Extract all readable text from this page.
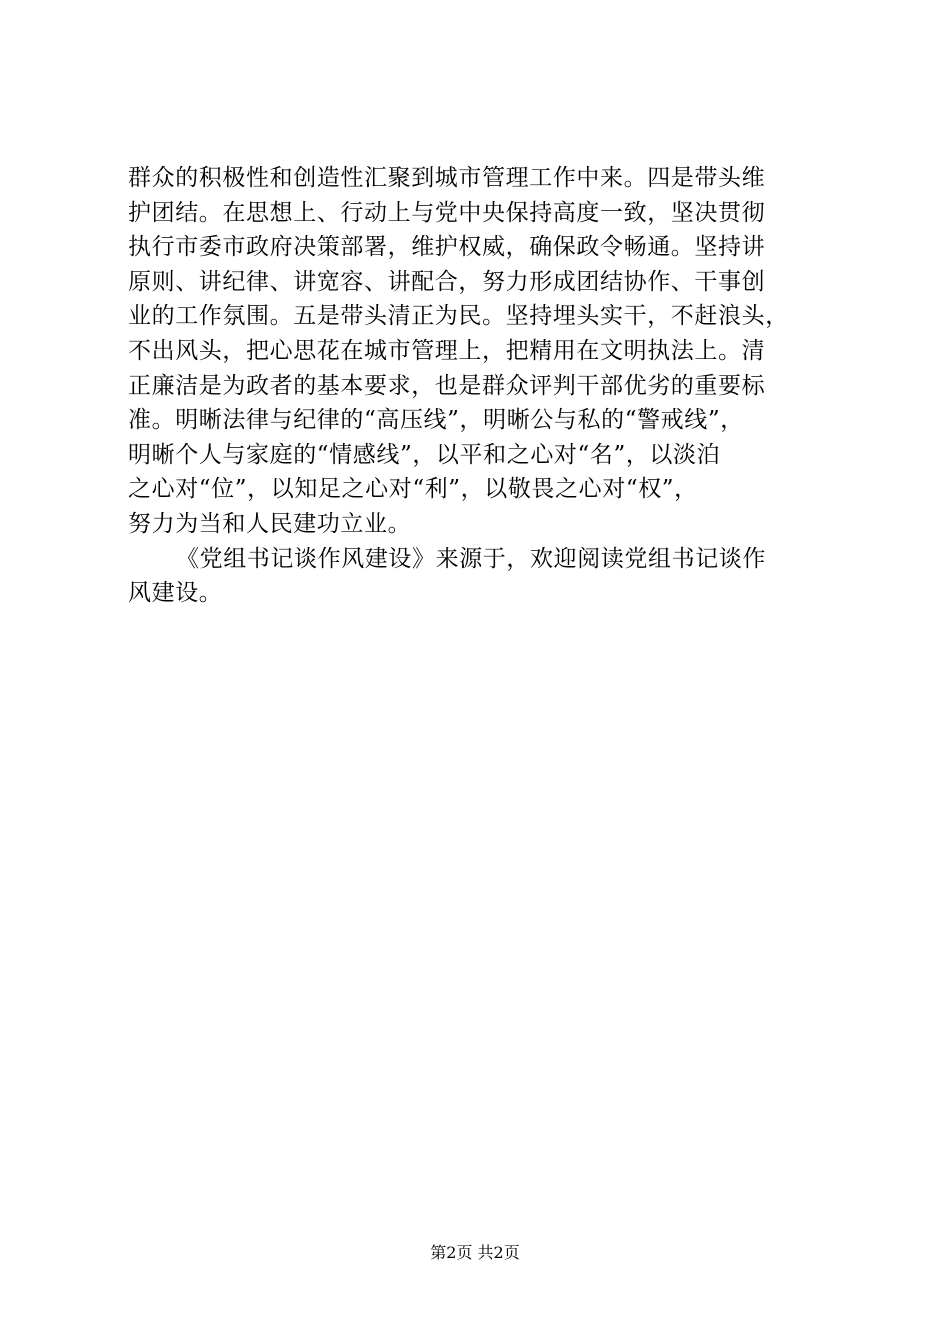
群众的积极性和创造性汇聚到城市管理工作中来。四是带头维
护团结。在思想上、行动上与党中央保持高度一致，坚决贯彻
执行市委市政府决策部署，维护权威，确保政令畅通。坚持讲
原则、讲纪律、讲宽容、讲配合，努力形成团结协作、干事创
业的工作氛围。五是带头清正为民。坚持埋头实干，不赶浪头，
不出风头，把心思花在城市管理上，把精用在文明执法上。清
正廉洁是为政者的基本要求，也是群众评判干部优劣的重要标
准。明晰法律与纪律的“高压线”，明晰公与私的“警戒线”，
明晰个人与家庭的“情感线”，以平和之心对“名”，以淡泊
之心对“位”，以知足之心对“利”，以敬畏之心对“权”，
努力为当和人民建功立业。
《党组书记谈作风建设》来源于，欢迎阅读党组书记谈作
风建设。
第2页 共2页
